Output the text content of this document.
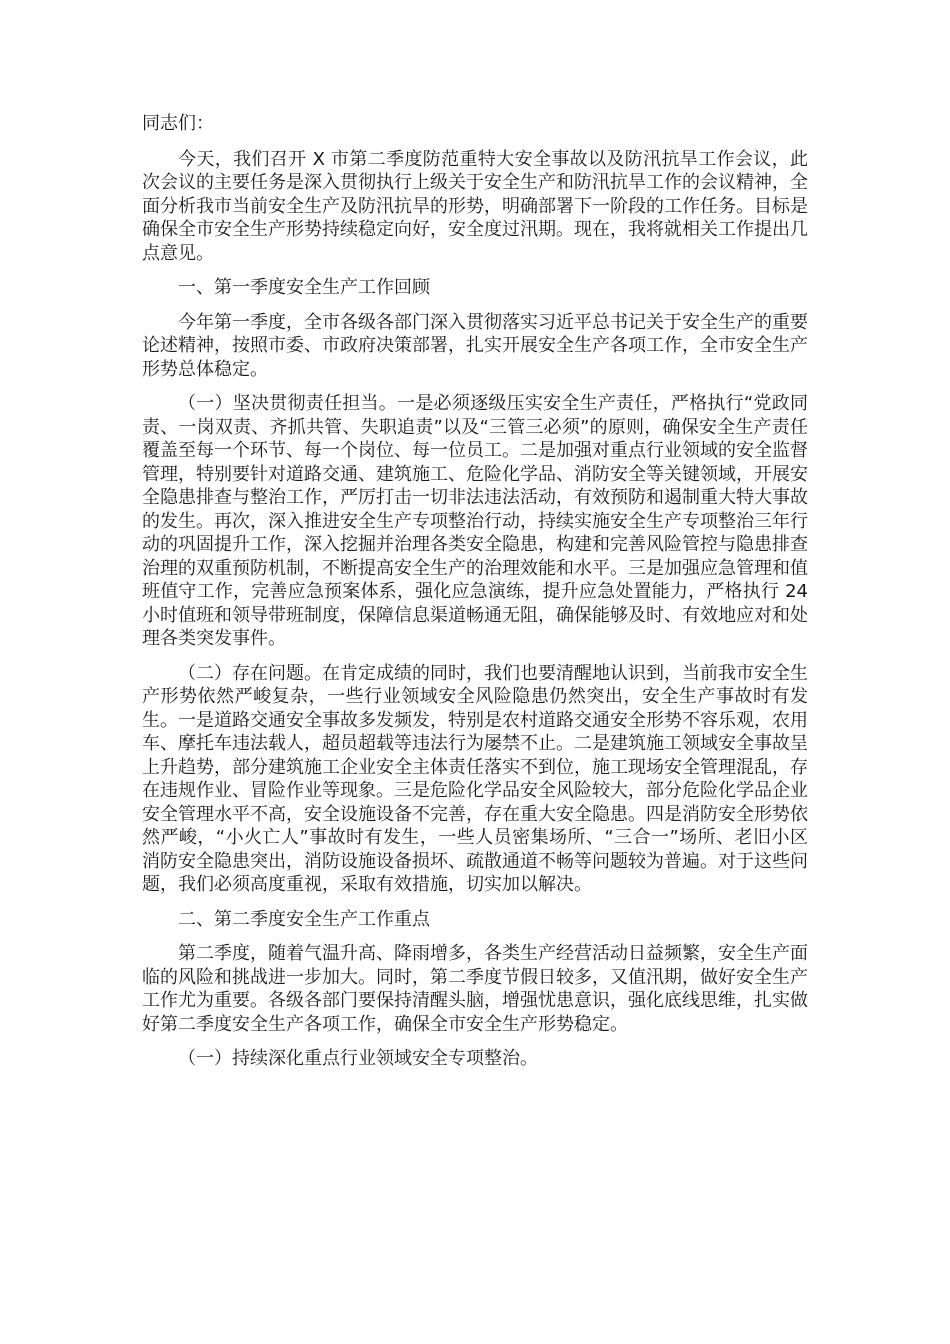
同志们：

今天，我们召开 X 市第二季度防范重特大安全事故以及防汛抗旱工作会议，此次会议的主要任务是深入贯彻执行上级关于安全生产和防汛抗旱工作的会议精神，全面分析我市当前安全生产及防汛抗旱的形势，明确部署下一阶段的工作任务。目标是确保全市安全生产形势持续稳定向好，安全度过汛期。现在，我将就相关工作提出几点意见。

一、第一季度安全生产工作回顾

今年第一季度，全市各级各部门深入贯彻落实习近平总书记关于安全生产的重要论述精神，按照市委、市政府决策部署，扎实开展安全生产各项工作，全市安全生产形势总体稳定。

（一）坚决贯彻责任担当。一是必须逐级压实安全生产责任，严格执行“党政同责、一岗双责、齐抓共管、失职追责”以及“三管三必须”的原则，确保安全生产责任覆盖至每一个环节、每一个岗位、每一位员工。二是加强对重点行业领域的安全监督管理，特别要针对道路交通、建筑施工、危险化学品、消防安全等关键领域，开展安全隐患排查与整治工作，严厉打击一切非法违法活动，有效预防和遏制重大特大事故的发生。再次，深入推进安全生产专项整治行动，持续实施安全生产专项整治三年行动的巩固提升工作，深入挖掘并治理各类安全隐患，构建和完善风险管控与隐患排查治理的双重预防机制，不断提高安全生产的治理效能和水平。三是加强应急管理和值班值守工作，完善应急预案体系，强化应急演练，提升应急处置能力，严格执行 24 小时值班和领导带班制度，保障信息渠道畅通无阻，确保能够及时、有效地应对和处理各类突发事件。

（二）存在问题。在肯定成绩的同时，我们也要清醒地认识到，当前我市安全生产形势依然严峻复杂，一些行业领域安全风险隐患仍然突出，安全生产事故时有发生。一是道路交通安全事故多发频发，特别是农村道路交通安全形势不容乐观，农用车、摩托车违法载人，超员超载等违法行为屡禁不止。二是建筑施工领域安全事故呈上升趋势，部分建筑施工企业安全主体责任落实不到位，施工现场安全管理混乱，存在违规作业、冒险作业等现象。三是危险化学品安全风险较大，部分危险化学品企业安全管理水平不高，安全设施设备不完善，存在重大安全隐患。四是消防安全形势依然严峻，“小火亡人”事故时有发生，一些人员密集场所、“三合一”场所、老旧小区消防安全隐患突出，消防设施设备损坏、疏散通道不畅等问题较为普遍。对于这些问题，我们必须高度重视，采取有效措施，切实加以解决。

二、第二季度安全生产工作重点

第二季度，随着气温升高、降雨增多，各类生产经营活动日益频繁，安全生产面临的风险和挑战进一步加大。同时，第二季度节假日较多，又值汛期，做好安全生产工作尤为重要。各级各部门要保持清醒头脑，增强忧患意识，强化底线思维，扎实做好第二季度安全生产各项工作，确保全市安全生产形势稳定。

（一）持续深化重点行业领域安全专项整治。
